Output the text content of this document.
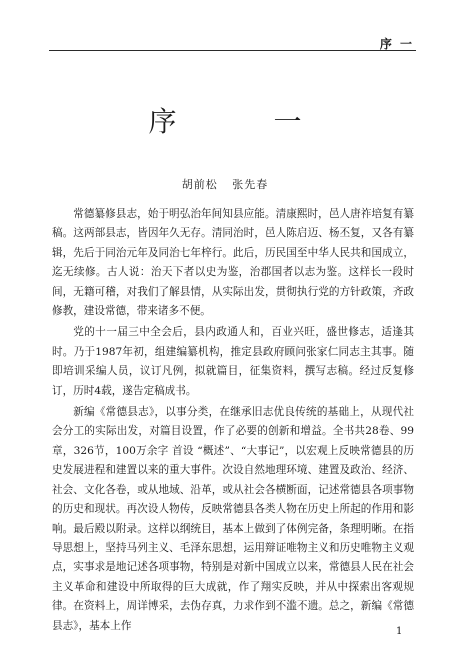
序 一
序 一
胡前松 张先春

常德纂修县志，始于明弘治年间知县应能。清康熙时，邑人唐祚培复有纂稿。这两部县志，皆因年久无存。清同治时，邑人陈启迈、杨丕复，又各有纂辑，先后于同治元年及同治七年梓行。此后，历民国至中华人民共和国成立，迄无续修。古人说：治天下者以史为鉴，治郡国者以志为鉴。这样长一段时间，无籍可稽，对我们了解县情，从实际出发，贯彻执行党的方针政策，齐政修教，建设常德，带来诸多不便。

党的十一届三中全会后，县内政通人和，百业兴旺，盛世修志，适逢其时。乃于1987年初，组建编纂机构，推定县政府顾问张家仁同志主其事。随即培训采编人员，议订凡例，拟就篇目，征集资料，撰写志稿。经过反复修订，历时4载，遂告定稿成书。

新编《常德县志》，以事分类，在继承旧志优良传统的基础上，从现代社会分工的实际出发，对篇目设置，作了必要的创新和增益。全书共28卷、99章，326节，100万余字 首设 “概述”、“大事记”，以宏观上反映常德县的历史发展进程和建置以来的重大事件。次设自然地理环境、建置及政治、经济、社会、文化各卷，或从地域、沿革，或从社会各横断面，记述常德县各项事物的历史和现状。再次设人物传，反映常德县各类人物在历史上所起的作用和影响。最后殿以附录。这样以纲统目，基本上做到了体例完备，条理明晰。在指导思想上，坚持马列主义、毛泽东思想，运用辩证唯物主义和历史唯物主义观点，实事求是地记述各项事物，特别是对新中国成立以来，常德县人民在社会主义革命和建设中所取得的巨大成就，作了翔实反映，并从中探索出客观规律。在资料上，周详博采，去伪存真，力求作到不滥不遗。总之，新编《常德县志》，基本上作	1
